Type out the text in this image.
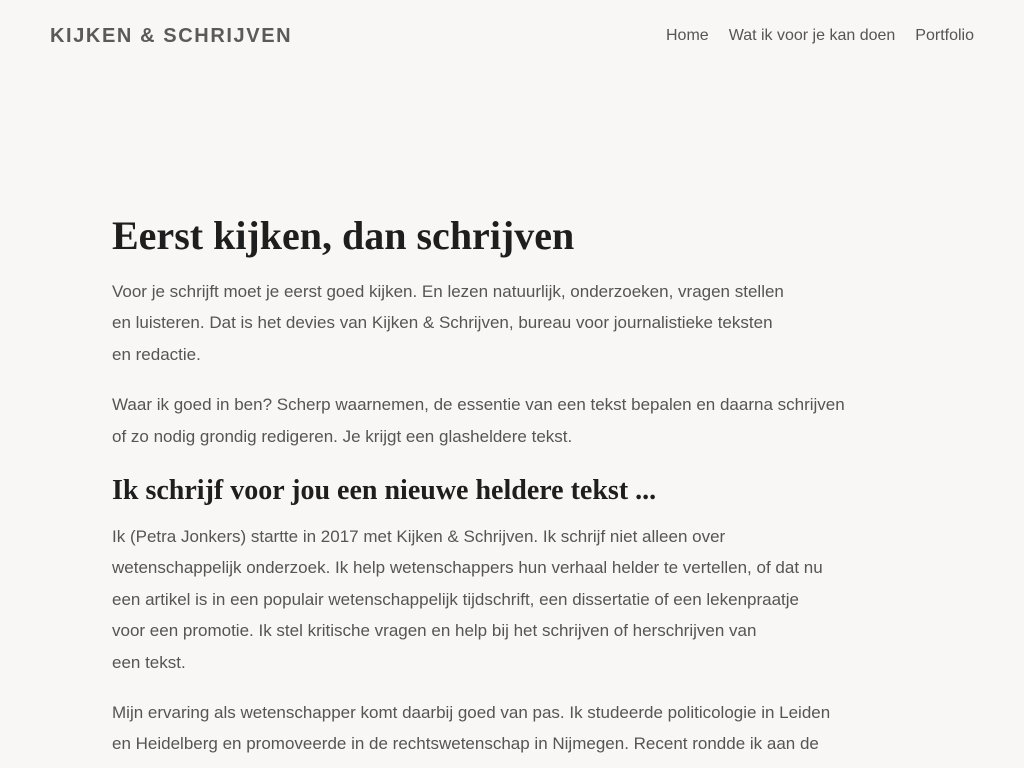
KIJKEN & SCHRIJVEN	Home Wat ik voor je kan doen Portfolio
Eerst kijken, dan schrijven

Voor je schrijft moet je eerst goed kijken. En lezen natuurlijk, onderzoeken, vragen stellen
en luisteren. Dat is het devies van Kijken & Schrijven, bureau voor journalistieke teksten
en redactie.

Waar ik goed in ben? Scherp waarnemen, de essentie van een tekst bepalen en daarna schrijven
of zo nodig grondig redigeren. Je krijgt een glasheldere tekst.

Ik schrijf voor jou een nieuwe heldere tekst ...

Ik (Petra Jonkers) startte in 2017 met Kijken & Schrijven. Ik schrijf niet alleen over
wetenschappelijk onderzoek. Ik help wetenschappers hun verhaal helder te vertellen, of dat nu
een artikel is in een populair wetenschappelijk tijdschrift, een dissertatie of een lekenpraatje
voor een promotie. Ik stel kritische vragen en help bij het schrijven of herschrijven van
een tekst.

Mijn ervaring als wetenschapper komt daarbij goed van pas. Ik studeerde politicologie in Leiden
en Heidelberg en promoveerde in de rechtswetenschap in Nijmegen. Recent rondde ik aan de
